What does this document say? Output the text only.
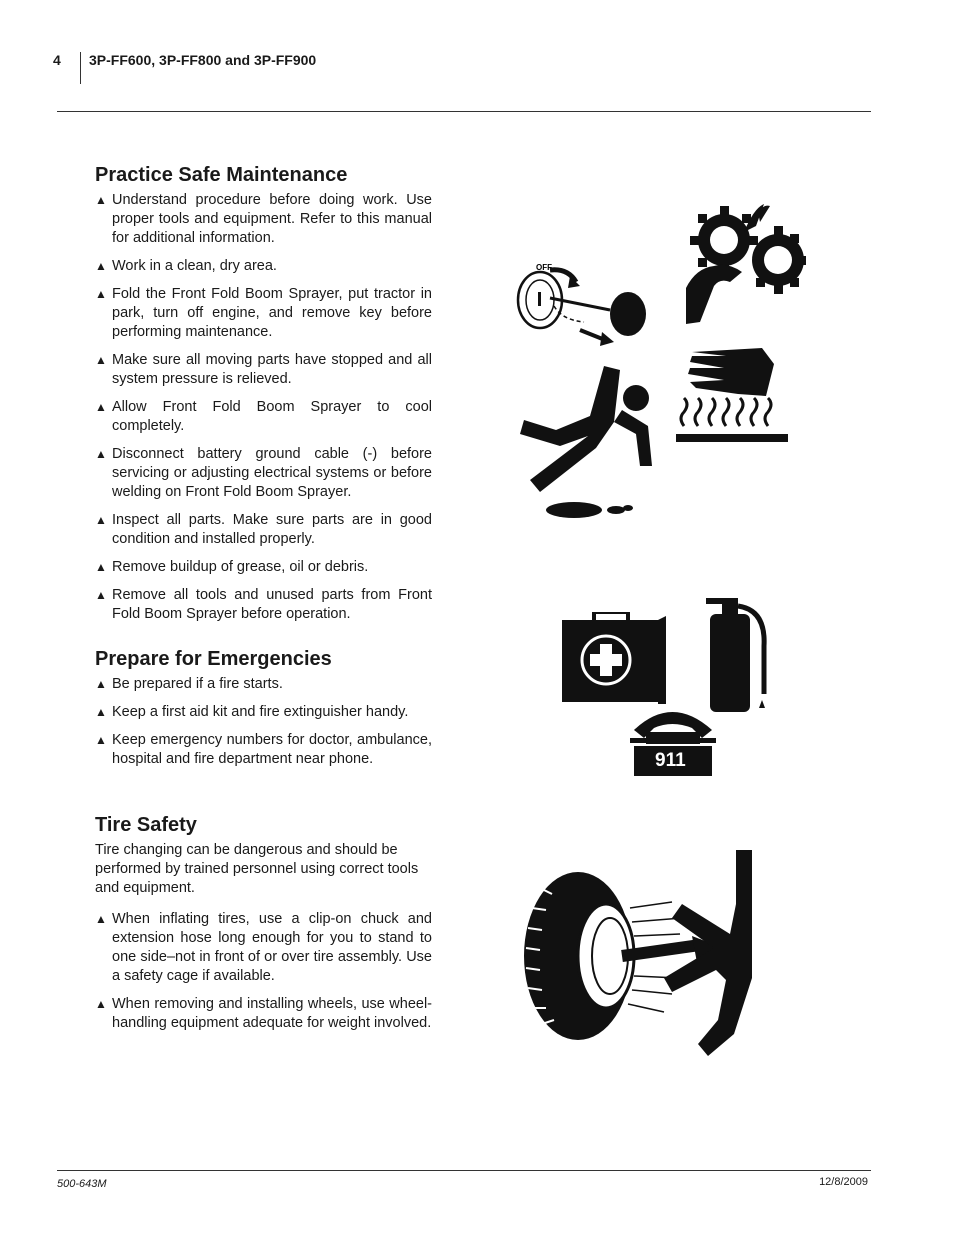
4 3P-FF600, 3P-FF800 and 3P-FF900
Practice Safe Maintenance
▲ Understand procedure before doing work. Use proper tools and equipment. Refer to this manual for additional information.
▲ Work in a clean, dry area.
▲ Fold the Front Fold Boom Sprayer, put tractor in park, turn off engine, and remove key before performing maintenance.
▲ Make sure all moving parts have stopped and all system pressure is relieved.
▲ Allow Front Fold Boom Sprayer to cool completely.
▲ Disconnect battery ground cable (-) before servicing or adjusting electrical systems or before welding on Front Fold Boom Sprayer.
▲ Inspect all parts. Make sure parts are in good condition and installed properly.
▲ Remove buildup of grease, oil or debris.
▲ Remove all tools and unused parts from Front Fold Boom Sprayer before operation.
Prepare for Emergencies
▲ Be prepared if a fire starts.
▲ Keep a first aid kit and fire extinguisher handy.
▲ Keep emergency numbers for doctor, ambulance, hospital and fire department near phone.
Tire Safety

Tire changing can be dangerous and should be performed by trained personnel using correct tools and equipment.

▲ When inflating tires, use a clip-on chuck and extension hose long enough for you to stand to one side–not in front of or over tire assembly. Use a safety cage if available.
▲ When removing and installing wheels, use wheel-handling equipment adequate for weight involved.
OFF
911
500-643M	12/8/2009
